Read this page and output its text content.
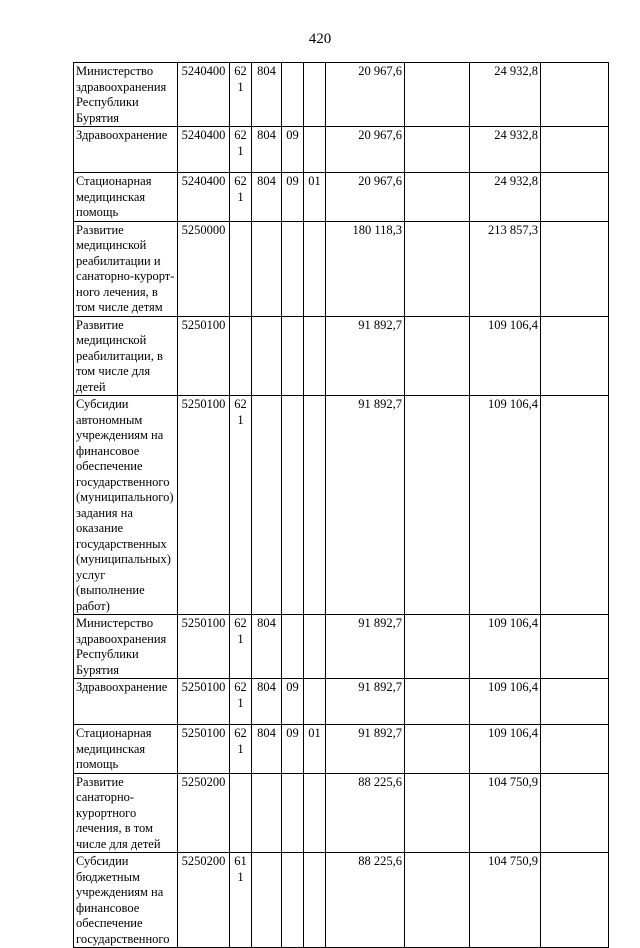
420
Министерство здравоохранения Республики Бурятия	5240400	621	804			20 967,6		24 932,8	
Здравоохранение	5240400	621	804	09		20 967,6		24 932,8	
Стационарная медицинская помощь	5240400	621	804	09	01	20 967,6		24 932,8	
Развитие медицинской реабилитации и санаторно-курорт-ного лечения, в том числе детям	5250000					180 118,3		213 857,3	
Развитие медицинской реабилитации, в том числе для детей	5250100					91 892,7		109 106,4	
Субсидии автономным учреждениям на финансовое обеспечение государственного (муниципального) задания на оказание государственных (муниципальных) услуг (выполнение работ)	5250100	621				91 892,7		109 106,4	
Министерство здравоохранения Республики Бурятия	5250100	621	804			91 892,7		109 106,4	
Здравоохранение	5250100	621	804	09		91 892,7		109 106,4	
Стационарная медицинская помощь	5250100	621	804	09	01	91 892,7		109 106,4	
Развитие санаторно-курортного лечения, в том числе для детей	5250200					88 225,6		104 750,9	
Субсидии бюджетным учреждениям на финансовое обеспечение государственного	5250200	611				88 225,6		104 750,9	
